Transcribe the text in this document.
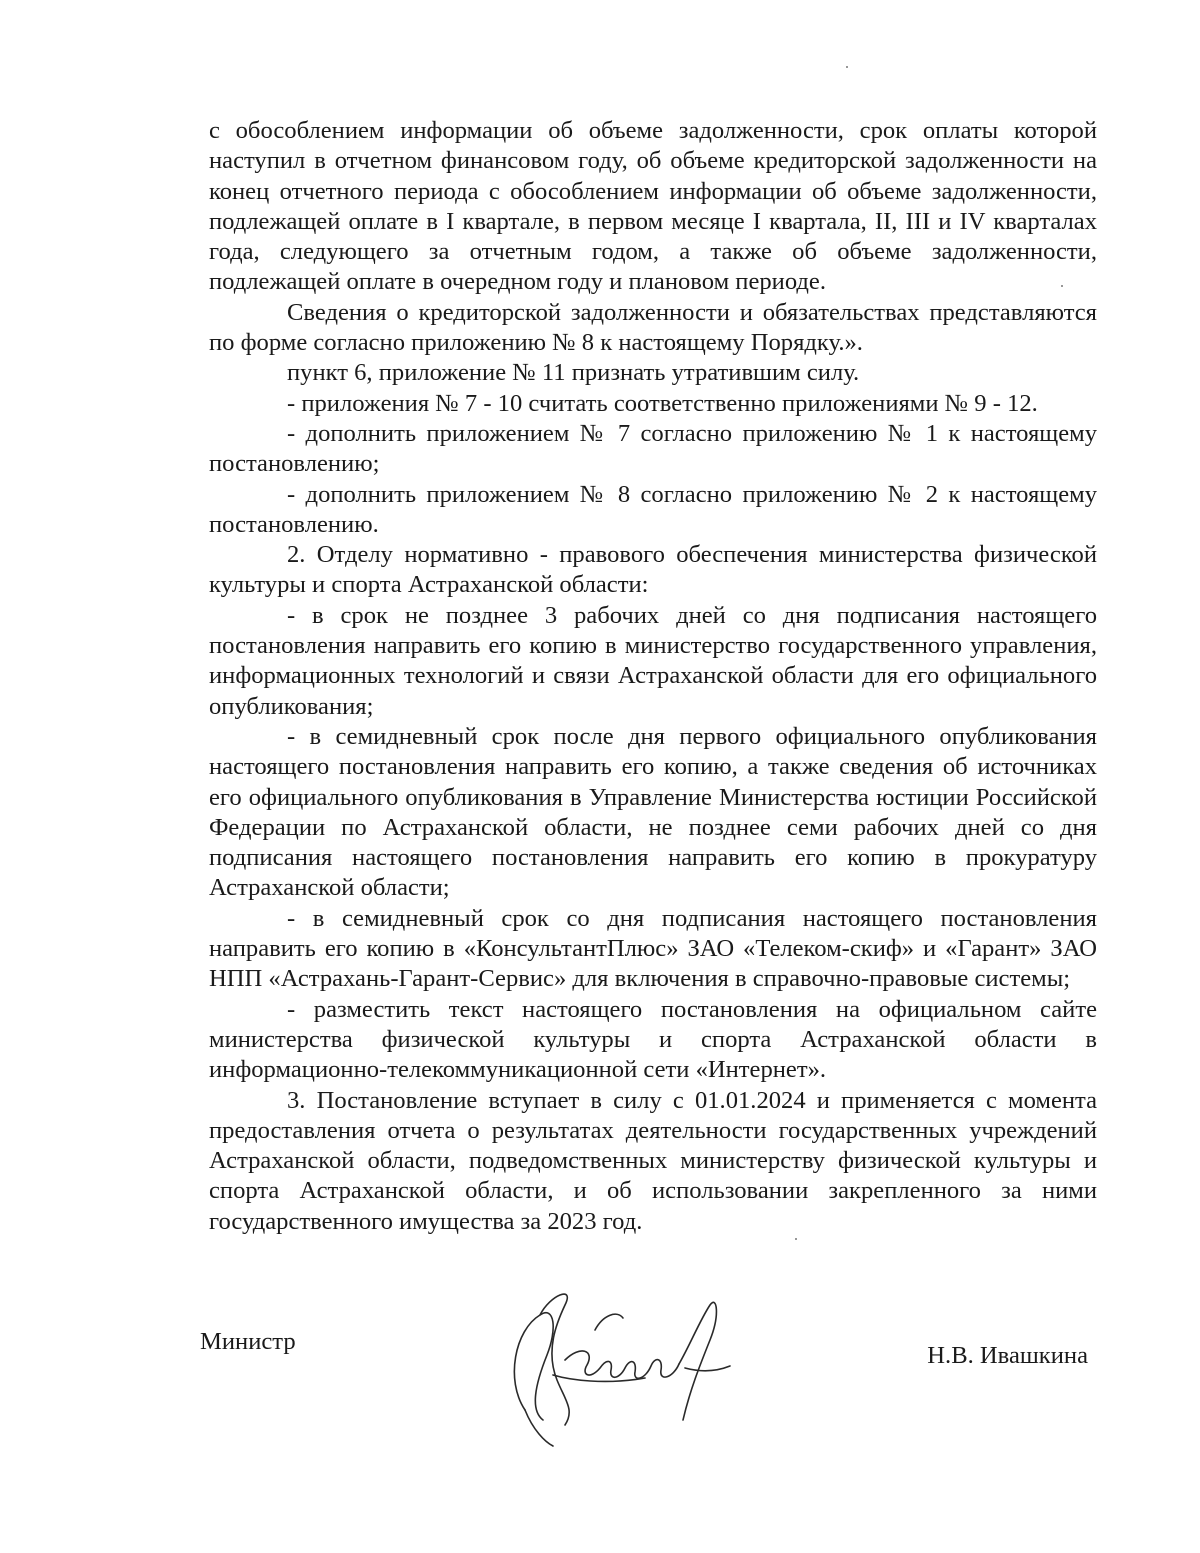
с обособлением информации об объеме задолженности, срок оплаты которой наступил в отчетном финансовом году, об объеме кредиторской задолженности на конец отчетного периода с обособлением информации об объеме задолженности, подлежащей оплате в I квартале, в первом месяце I квартала, II, III и IV кварталах года, следующего за отчетным годом, а также об объеме задолженности, подлежащей оплате в очередном году и плановом периоде.

Сведения о кредиторской задолженности и обязательствах представляются по форме согласно приложению № 8 к настоящему Порядку.».

пункт 6, приложение № 11 признать утратившим силу.

- приложения № 7 - 10 считать соответственно приложениями № 9 - 12.

- дополнить приложением № 7 согласно приложению № 1 к настоящему постановлению;

- дополнить приложением № 8 согласно приложению № 2 к настоящему постановлению.

2. Отделу нормативно - правового обеспечения министерства физической культуры и спорта Астраханской области:

- в срок не позднее 3 рабочих дней со дня подписания настоящего постановления направить его копию в министерство государственного управления, информационных технологий и связи Астраханской области для его официального опубликования;

- в семидневный срок после дня первого официального опубликования настоящего постановления направить его копию, а также сведения об источниках его официального опубликования в Управление Министерства юстиции Российской Федерации по Астраханской области, не позднее семи рабочих дней со дня подписания настоящего постановления направить его копию в прокуратуру Астраханской области;

- в семидневный срок со дня подписания настоящего постановления направить его копию в «КонсультантПлюс» ЗАО «Телеком-скиф» и «Гарант» ЗАО НПП «Астрахань-Гарант-Сервис» для включения в справочно-правовые системы;

- разместить текст настоящего постановления на официальном сайте министерства физической культуры и спорта Астраханской области в информационно-телекоммуникационной сети «Интернет».

3. Постановление вступает в силу с 01.01.2024 и применяется с момента предоставления отчета о результатах деятельности государственных учреждений Астраханской области, подведомственных министерству физической культуры и спорта Астраханской области, и об использовании закрепленного за ними государственного имущества за 2023 год.

Министр
Н.В. Ивашкина
